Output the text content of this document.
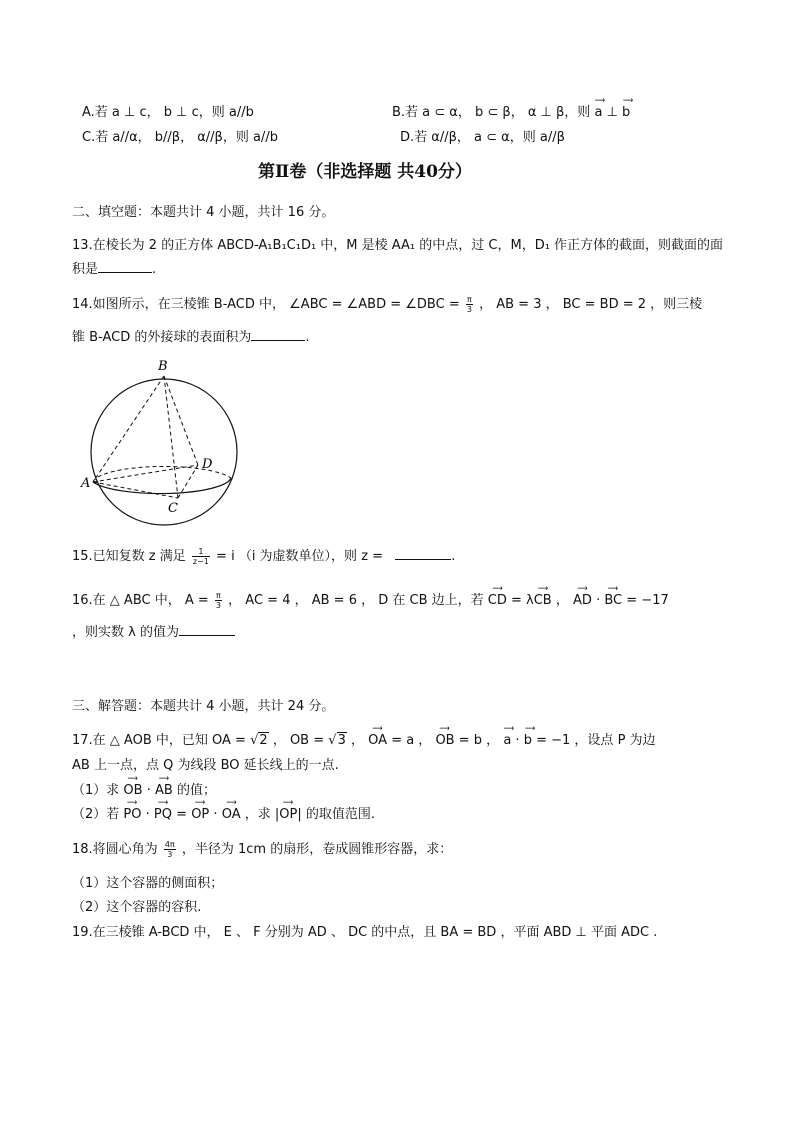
A.若 a ⊥ c， b ⊥ c，则 a//b	B.若 a ⊂ α， b ⊂ β， α ⊥ β，则 ⟶ a ⊥ ⟶ b
C.若 a//α， b//β， α//β，则 a//b	D.若 α//β， a ⊂ α，则 a//β
第Ⅱ卷（非选择题 共40分）
二、填空题：本题共计 4 小题，共计 16 分。
13.在棱长为 2 的正方体 ABCD-A₁B₁C₁D₁ 中，M 是棱 AA₁ 的中点，过 C，M，D₁ 作正方体的截面，则截面的面
积是	.
14.如图所示，在三棱锥 B-ACD 中， ∠ABC = ∠ABD = ∠DBC = $\frac{\pi}{3}$ ， AB = 3 ， BC = BD = 2 ，则三棱
锥 B-ACD 的外接球的表面积为	.
B
A
D
C
15.已知复数 z 满足 $\frac{1}{z-1} = i$ （i 为虚数单位），则 z =	.
16.在 △ ABC 中， $A = \frac{\pi}{3}$ ， AC = 4 ， AB = 6 ， D 在 CB 边上，若 ⟶ CD = λ⟶ CB ， ⟶ AD · ⟶ BC = −17
，则实数 λ 的值为
三、解答题：本题共计 4 小题，共计 24 分。
17.在 △ AOB 中，已知 OA = √2 ， OB = √3 ， ⟶ OA = a ， ⟶ OB = b ， ⟶ a · ⟶ b = −1 ，设点 P 为边
AB 上一点，点 Q 为线段 BO 延长线上的一点.
（1）求 ⟶ OB · ⟶ AB 的值；
（2）若 ⟶ PO · ⟶ PQ = ⟶ OP · ⟶ OA ，求 |⟶ OP| 的取值范围.
18.将圆心角为 $\frac{4\pi}{3}$ ，半径为 1cm 的扇形，卷成圆锥形容器，求：
（1）这个容器的侧面积；
（2）这个容器的容积.
19.在三棱锥 A-BCD 中， E 、 F 分别为 AD 、 DC 的中点，且 BA = BD ，平面 ABD ⊥ 平面 ADC .
